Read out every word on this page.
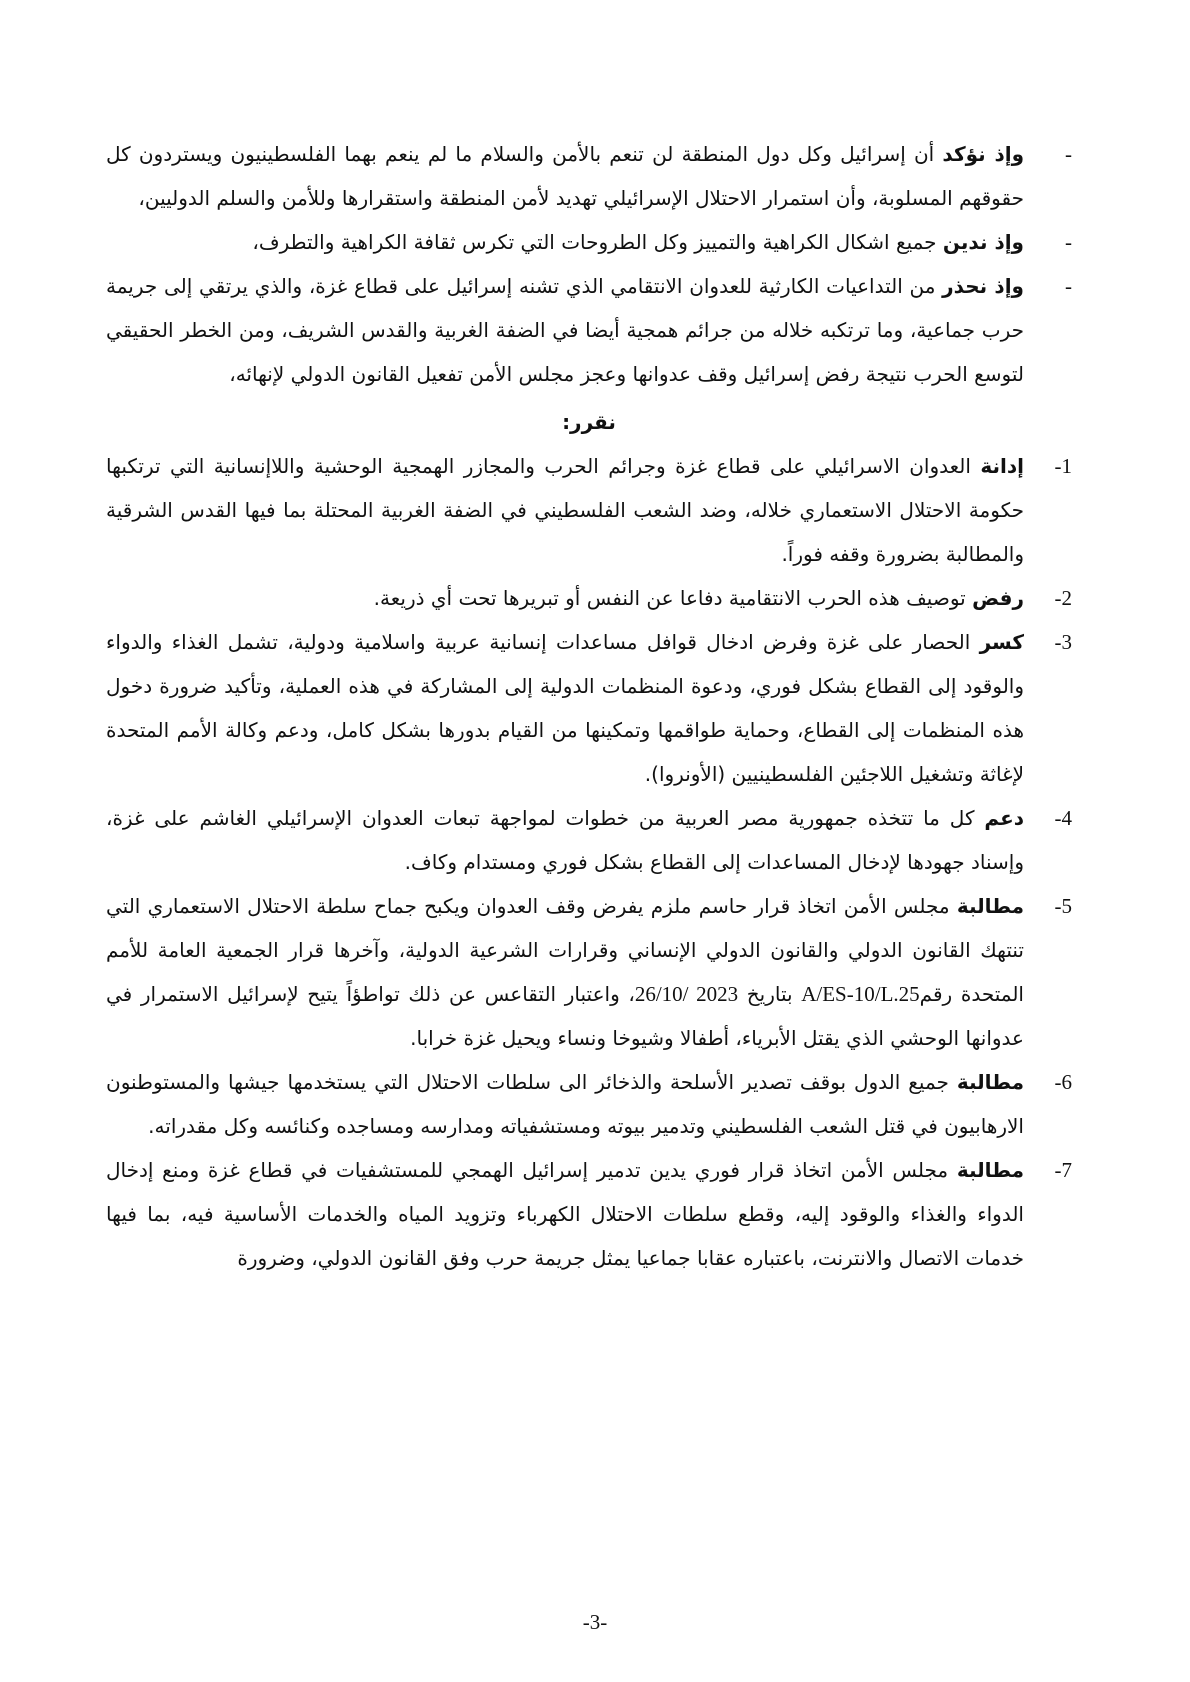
-

وإذ نؤكد أن إسرائيل وكل دول المنطقة لن تنعم بالأمن والسلام ما لم ينعم بهما الفلسطينيون ويستردون كل حقوقهم المسلوبة، وأن استمرار الاحتلال الإسرائيلي تهديد لأمن المنطقة واستقرارها وللأمن والسلم الدوليين،

-

وإذ ندين جميع اشكال الكراهية والتمييز وكل الطروحات التي تكرس ثقافة الكراهية والتطرف،

-

وإذ نحذر من التداعيات الكارثية للعدوان الانتقامي الذي تشنه إسرائيل على قطاع غزة، والذي يرتقي إلى جريمة حرب جماعية، وما ترتكبه خلاله من جرائم همجية أيضا في الضفة الغربية والقدس الشريف، ومن الخطر الحقيقي لتوسع الحرب نتيجة رفض إسرائيل وقف عدوانها وعجز مجلس الأمن تفعيل القانون الدولي لإنهائه،

نقرر:
-1

إدانة العدوان الاسرائيلي على قطاع غزة وجرائم الحرب والمجازر الهمجية الوحشية واللاإنسانية التي ترتكبها حكومة الاحتلال الاستعماري خلاله، وضد الشعب الفلسطيني في الضفة الغربية المحتلة بما فيها القدس الشرقية والمطالبة بضرورة وقفه فوراً.

-2

رفض توصيف هذه الحرب الانتقامية دفاعا عن النفس أو تبريرها تحت أي ذريعة.

-3

كسر الحصار على غزة وفرض ادخال قوافل مساعدات إنسانية عربية واسلامية ودولية، تشمل الغذاء والدواء والوقود إلى القطاع بشكل فوري، ودعوة المنظمات الدولية إلى المشاركة في هذه العملية، وتأكيد ضرورة دخول هذه المنظمات إلى القطاع، وحماية طواقمها وتمكينها من القيام بدورها بشكل كامل، ودعم وكالة الأمم المتحدة لإغاثة وتشغيل اللاجئين الفلسطينيين (الأونروا).

-4

دعم كل ما تتخذه جمهورية مصر العربية من خطوات لمواجهة تبعات العدوان الإسرائيلي الغاشم على غزة، وإسناد جهودها لإدخال المساعدات إلى القطاع بشكل فوري ومستدام وكاف.

-5

مطالبة مجلس الأمن اتخاذ قرار حاسم ملزم يفرض وقف العدوان ويكبح جماح سلطة الاحتلال الاستعماري التي تنتهك القانون الدولي والقانون الدولي الإنساني وقرارات الشرعية الدولية، وآخرها قرار الجمعية العامة للأمم المتحدة رقمA/ES-10/L.25 بتاريخ 26/10/ 2023، واعتبار التقاعس عن ذلك تواطؤاً يتيح لإسرائيل الاستمرار في عدوانها الوحشي الذي يقتل الأبرياء، أطفالا وشيوخا ونساء ويحيل غزة خرابا.

-6

مطالبة جميع الدول بوقف تصدير الأسلحة والذخائر الى سلطات الاحتلال التي يستخدمها جيشها والمستوطنون الارهابيون في قتل الشعب الفلسطيني وتدمير بيوته ومستشفياته ومدارسه ومساجده وكنائسه وكل مقدراته.

-7

مطالبة مجلس الأمن اتخاذ قرار فوري يدين تدمير إسرائيل الهمجي للمستشفيات في قطاع غزة ومنع إدخال الدواء والغذاء والوقود إليه، وقطع سلطات الاحتلال الكهرباء وتزويد المياه والخدمات الأساسية فيه، بما فيها خدمات الاتصال والانترنت، باعتباره عقابا جماعيا يمثل جريمة حرب وفق القانون الدولي، وضرورة

-3-
